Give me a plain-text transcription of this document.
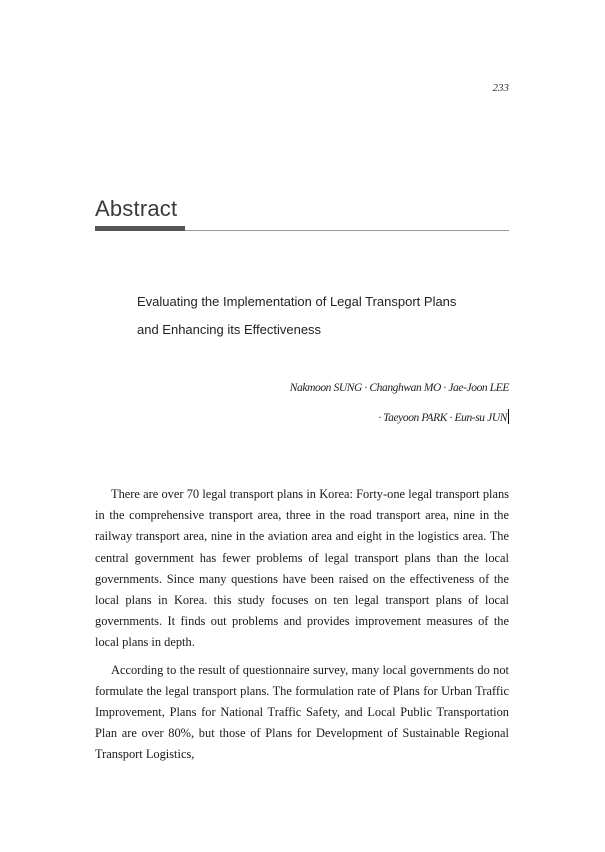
233
Abstract
Evaluating the Implementation of Legal Transport Plans
and Enhancing its Effectiveness
Nakmoon SUNG · Changhwan MO · Jae-Joon LEE
· Taeyoon PARK · Eun-su JUN

There are over 70 legal transport plans in Korea: Forty-one legal transport plans in the comprehensive transport area, three in the road transport area, nine in the railway transport area, nine in the aviation area and eight in the logistics area. The central government has fewer problems of legal transport plans than the local governments. Since many questions have been raised on the effectiveness of the local plans in Korea. this study focuses on ten legal transport plans of local governments. It finds out problems and provides improvement measures of the local plans in depth.

According to the result of questionnaire survey, many local governments do not formulate the legal transport plans. The formulation rate of Plans for Urban Traffic Improvement, Plans for National Traffic Safety, and Local Public Transportation Plan are over 80%, but those of Plans for Development of Sustainable Regional Transport Logistics,
